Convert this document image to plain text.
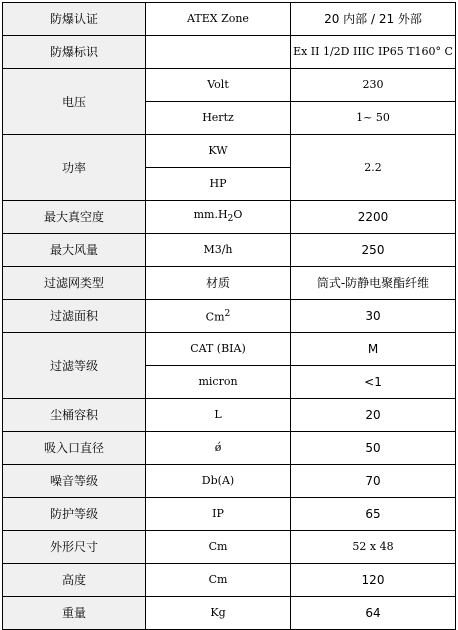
防爆认证	ATEX Zone	20 内部 / 21 外部
防爆标识		Ex II 1/2D IIIC IP65 T160° C
电压	Volt	230
	Hertz	1~ 50
功率	KW	2.2
	HP	
最大真空度	$mm.H_2O$	2200
最大风量	M3/h	250
过滤网类型	材质	筒式-防静电聚酯纤维
过滤面积	Cm$^2$	30
过滤等级	CAT (BIA)	M
	micron	<1
尘桶容积	L	20
吸入口直径	ǿ	50
噪音等级	Db(A)	70
防护等级	IP	65
外形尺寸	Cm	52 x 48
高度	Cm	120
重量	Kg	64
